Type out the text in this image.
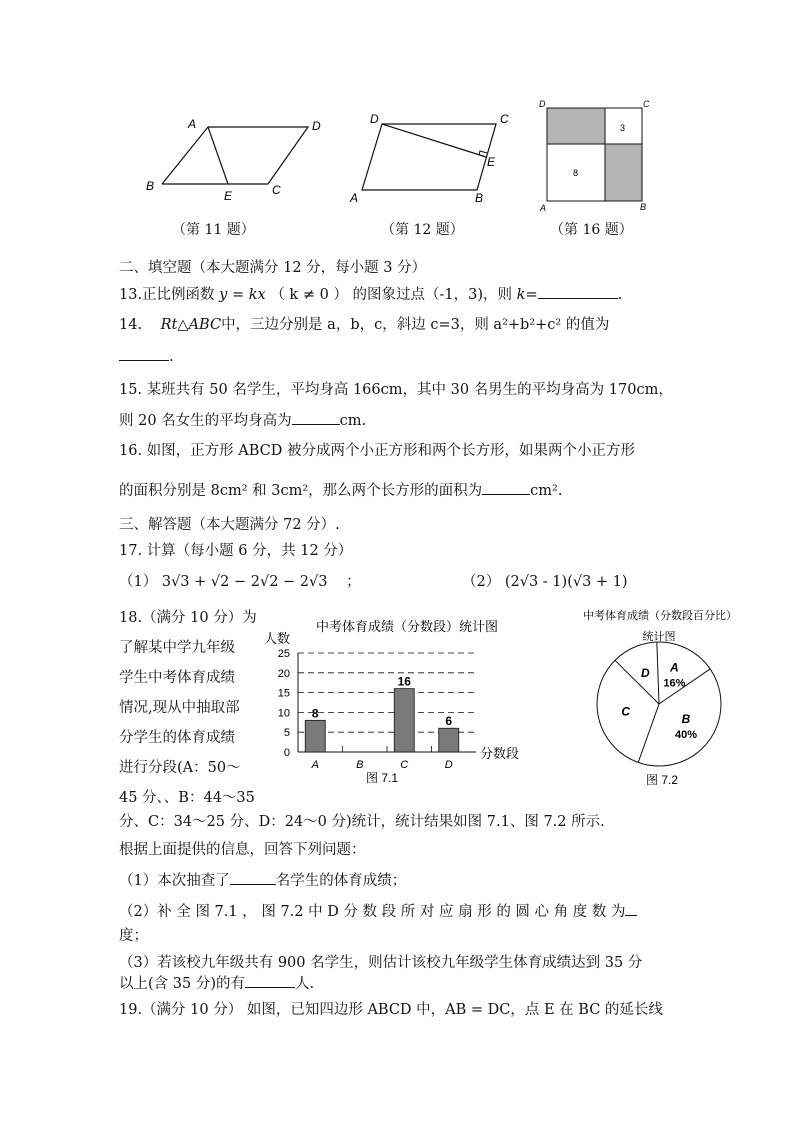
A	D
B
E	C
（第 11 题）
D	C
E
A	B
（第 12 题）
3
8
D	C
A	B
（第 16 题）
二、填空题（本大题满分 12 分，每小题 3 分）
13.正比例函数 y = kx （ k ≠ 0 ） 的图象过点（-1，3)，则 k=	.
14. Rt△ABC中，三边分别是 a，b，c，斜边 c=3，则 a²+b²+c² 的值为
.
15. 某班共有 50 名学生，平均身高 166cm，其中 30 名男生的平均身高为 170cm，
则 20 名女生的平均身高为	cm.
16. 如图，正方形 ABCD 被分成两个小正方形和两个长方形，如果两个小正方形
的面积分别是 8cm² 和 3cm²，那么两个长方形的面积为	cm².
三、解答题（本大题满分 72 分）.
17. 计算（每小题 6 分，共 12 分）
（1） 3√3 + √2 − 2√2 − 2√3 ；	（2） (2√3 - 1)(√3 + 1)
18.（满分 10 分）为
了解某中学九年级
学生中考体育成绩
情况,现从中抽取部
分学生的体育成绩
进行分段(A：50～
45 分、、B：44～35
中考体育成绩（分数段）统计图
人数
0
5
10
15
20
25
8
A	B
16
C
6
D
分数段
图 7.1
中考体育成绩（分数段百分比）
统计图
A
16%
B
40%
C
D
图 7.2
分、C：34～25 分、D：24～0 分)统计，统计结果如图 7.1、图 7.2 所示.
根据上面提供的信息，回答下列问题：
（1）本次抽查了	名学生的体育成绩；
（2）补 全 图 7.1 ， 图 7.2 中 D 分 数 段 所 对 应 扇 形 的 圆 心 角 度 数 为
度；
（3）若该校九年级共有 900 名学生，则估计该校九年级学生体育成绩达到 35 分
以上(含 35 分)的有	人.
19.（满分 10 分） 如图，已知四边形 ABCD 中，AB = DC，点 E 在 BC 的延长线
